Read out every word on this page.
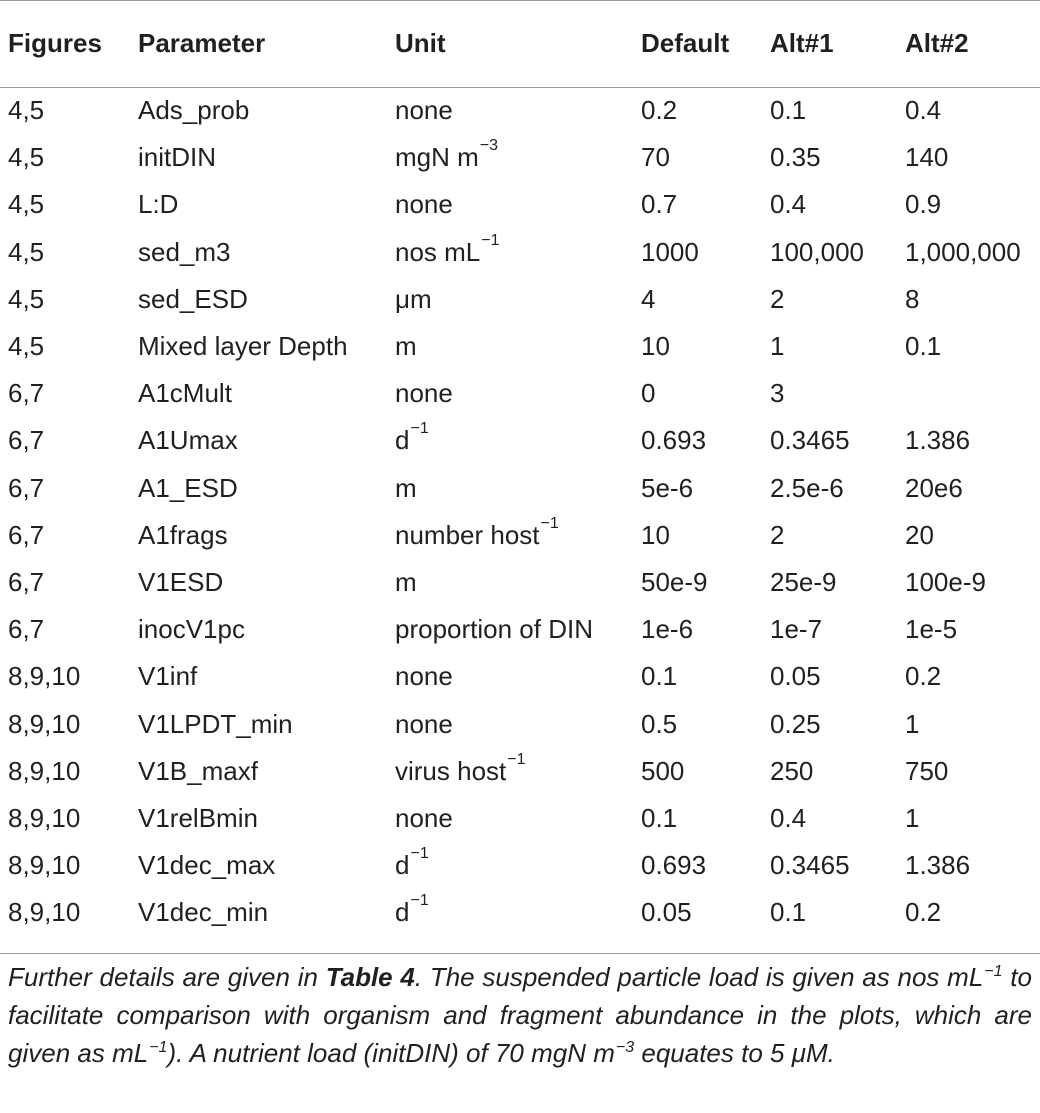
Figures	Parameter	Unit	Default	Alt#1	Alt#2
4,5	Ads_prob	none	0.2	0.1	0.4
4,5	initDIN	mgN $m^{-3}$	70	0.35	140
4,5	L:D	none	0.7	0.4	0.9
4,5	sed_m3	nos $mL^{-1}$	1000	100,000	1,000,000
4,5	sed_ESD	μm	4	2	8
4,5	Mixed layer Depth	m	10	1	0.1
6,7	A1cMult	none	0	3	
6,7	A1Umax	$d^{-1}$	0.693	0.3465	1.386
6,7	A1_ESD	m	5e-6	2.5e-6	20e6
6,7	A1frags	number host$^{-1}$	10	2	20
6,7	V1ESD	m	50e-9	25e-9	100e-9
6,7	inocV1pc	proportion of DIN	1e-6	1e-7	1e-5
8,9,10	V1inf	none	0.1	0.05	0.2
8,9,10	V1LPDT_min	none	0.5	0.25	1
8,9,10	V1B_maxf	virus host$^{-1}$	500	250	750
8,9,10	V1relBmin	none	0.1	0.4	1
8,9,10	V1dec_max	$d^{-1}$	0.693	0.3465	1.386
8,9,10	V1dec_min	$d^{-1}$	0.05	0.1	0.2

Further details are given in Table 4. The suspended particle load is given as nos $mL^{-1}$ to facilitate comparison with organism and fragment abundance in the plots, which are given as $mL^{-1}$). A nutrient load (initDIN) of 70 mgN $m^{-3}$ equates to 5 μM.
